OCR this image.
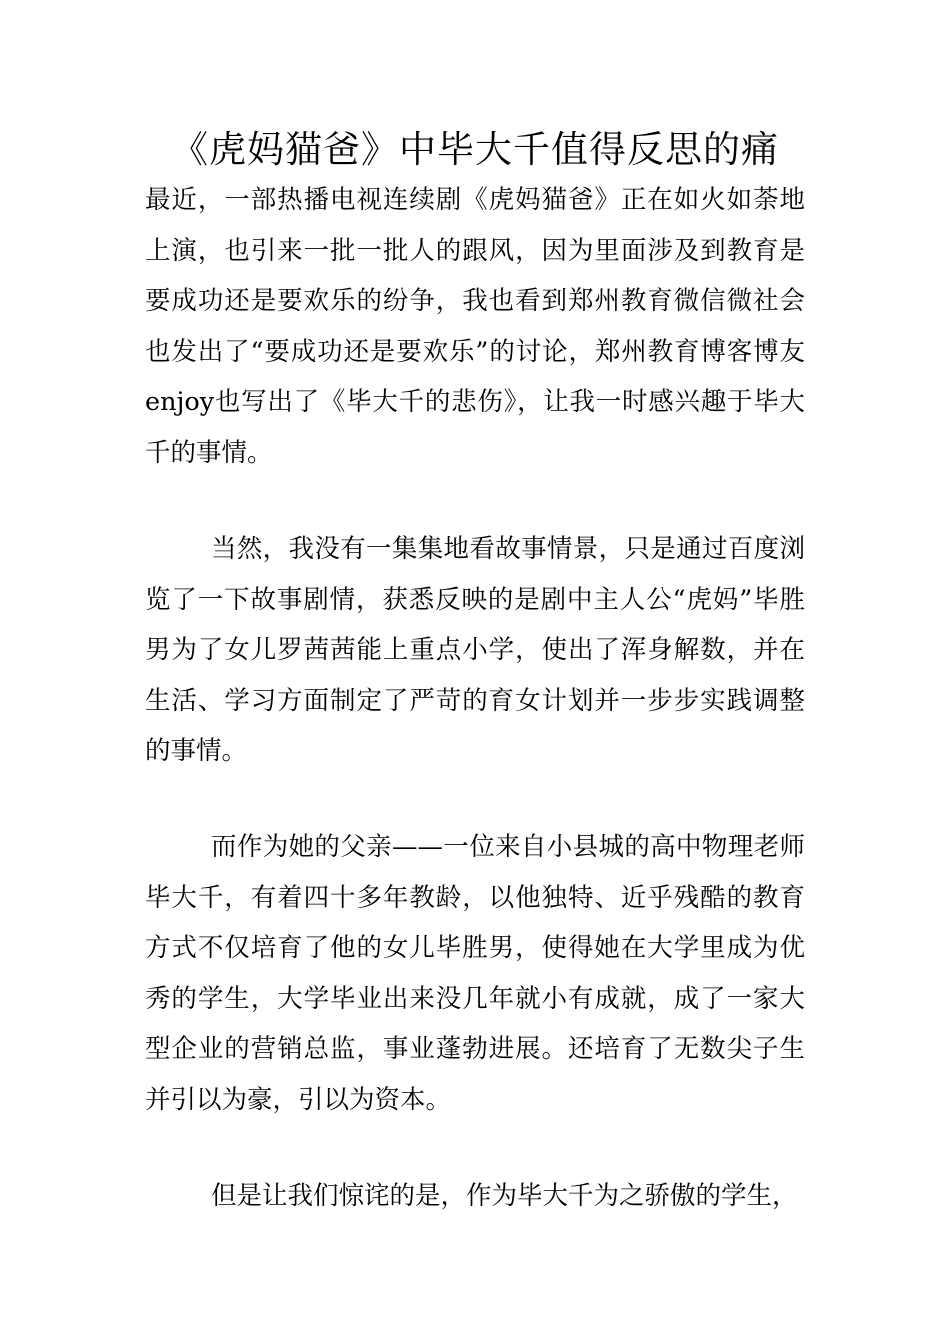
《虎妈猫爸》中毕大千值得反思的痛

最近，一部热播电视连续剧《虎妈猫爸》正在如火如荼地上演，也引来一批一批人的跟风，因为里面涉及到教育是要成功还是要欢乐的纷争，我也看到郑州教育微信微社会也发出了“要成功还是要欢乐”的讨论，郑州教育博客博友enjoy也写出了《毕大千的悲伤》，让我一时感兴趣于毕大千的事情。

当然，我没有一集集地看故事情景，只是通过百度浏览了一下故事剧情，获悉反映的是剧中主人公“虎妈”毕胜男为了女儿罗茜茜能上重点小学，使出了浑身解数，并在生活、学习方面制定了严苛的育女计划并一步步实践调整的事情。

而作为她的父亲——一位来自小县城的高中物理老师毕大千，有着四十多年教龄，以他独特、近乎残酷的教育方式不仅培育了他的女儿毕胜男，使得她在大学里成为优秀的学生，大学毕业出来没几年就小有成就，成了一家大型企业的营销总监，事业蓬勃进展。还培育了无数尖子生并引以为豪，引以为资本。

但是让我们惊诧的是，作为毕大千为之骄傲的学生，
